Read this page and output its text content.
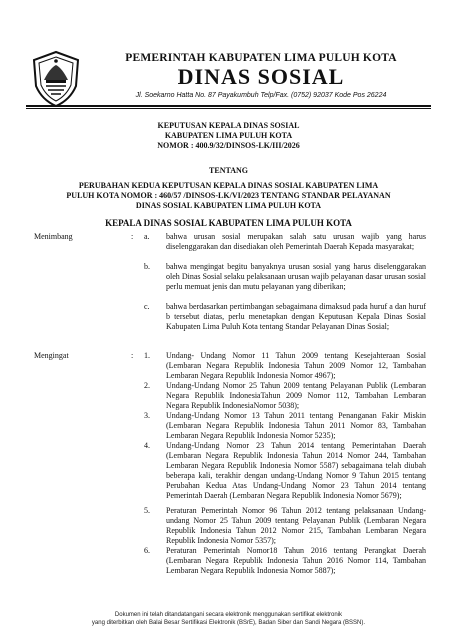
PEMERINTAH KABUPATEN LIMA PULUH KOTA
DINAS SOSIAL
Jl. Soekarno Hatta No. 87 Payakumbuh Telp/Fax. (0752) 92037 Kode Pos 26224
KEPUTUSAN KEPALA DINAS SOSIAL
KABUPATEN LIMA PULUH KOTA
NOMOR : 400.9/32/DINSOS-LK/III/2026
TENTANG
PERUBAHAN KEDUA KEPUTUSAN KEPALA DINAS SOSIAL KABUPATEN LIMA
PULUH KOTA NOMOR : 460/57 /DINSOS-LK/VI/2023 TENTANG STANDAR PELAYANAN
DINAS SOSIAL KABUPATEN LIMA PULUH KOTA
KEPALA DINAS SOSIAL KABUPATEN LIMA PULUH KOTA
Menimbang	: a. bahwa urusan sosial merupakan salah satu urusan wajib yang harus diselenggarakan dan disediakan oleh Pemerintah Daerah Kepada masyarakat;
b. bahwa mengingat begitu banyaknya urusan sosial yang harus diselenggarakan oleh Dinas Sosial selaku pelaksanaan urusan wajib pelayanan dasar urusan sosial perlu memuat jenis dan mutu pelayanan yang diberikan;
c. bahwa berdasarkan pertimbangan sebagaimana dimaksud pada huruf a dan huruf b tersebut diatas, perlu menetapkan dengan Keputusan Kepala Dinas Sosial Kabupaten Lima Puluh Kota tentang Standar Pelayanan Dinas Sosial;
Mengingat	: 1. Undang- Undang Nomor 11 Tahun 2009 tentang Kesejahteraan Sosial (Lembaran Negara Republik Indonesia Tahun 2009 Nomor 12, Tambahan Lembaran Negara Republik Indonesia Nomor 4967);
2. Undang-Undang Nomor 25 Tahun 2009 tentang Pelayanan Publik (Lembaran Negara Republik IndonesiaTahun 2009 Nomor 112, Tambahan Lembaran Negara Republik IndonesiaNomor 5038);
3. Undang-Undang Nomor 13 Tahun 2011 tentang Penanganan Fakir Miskin (Lembaran Negara Republik Indonesia Tahun 2011 Nomor 83, Tambahan Lembaran Negara Republik Indonesia Nomor 5235);
4. Undang-Undang Nomor 23 Tahun 2014 tentang Pemerintahan Daerah (Lembaran Negara Republik Indonesia Tahun 2014 Nomor 244, Tambahan Lembaran Negara Republik Indonesia Nomor 5587) sebagaimana telah diubah beberapa kali, terakhir dengan undang-Undang Nomor 9 Tahun 2015 tentang Perubahan Kedua Atas Undang-Undang Nomor 23 Tahun 2014 tentang Pemerintah Daerah (Lembaran Negara Republik Indonesia Nomor 5679);
5. Peraturan Pemerintah Nomor 96 Tahun 2012 tentang pelaksanaan Undang-undang Nomor 25 Tahun 2009 tentang Pelayanan Publik (Lembaran Negara Republik Indonesia Tahun 2012 Nomor 215, Tambahan Lembaran Negara Republik Indonesia Nomor 5357);
6. Peraturan Pemerintah Nomor18 Tahun 2016 tentang Perangkat Daerah (Lembaran Negara Republik Indonesia Tahun 2016 Nomor 114, Tambahan Lembaran Negara Republik Indonesia Nomor 5887);
Dokumen ini telah ditandatangani secara elektronik menggunakan sertifikat elektronik
yang diterbitkan oleh Balai Besar Sertifikasi Elektronik (BSrE), Badan Siber dan Sandi Negara (BSSN).
